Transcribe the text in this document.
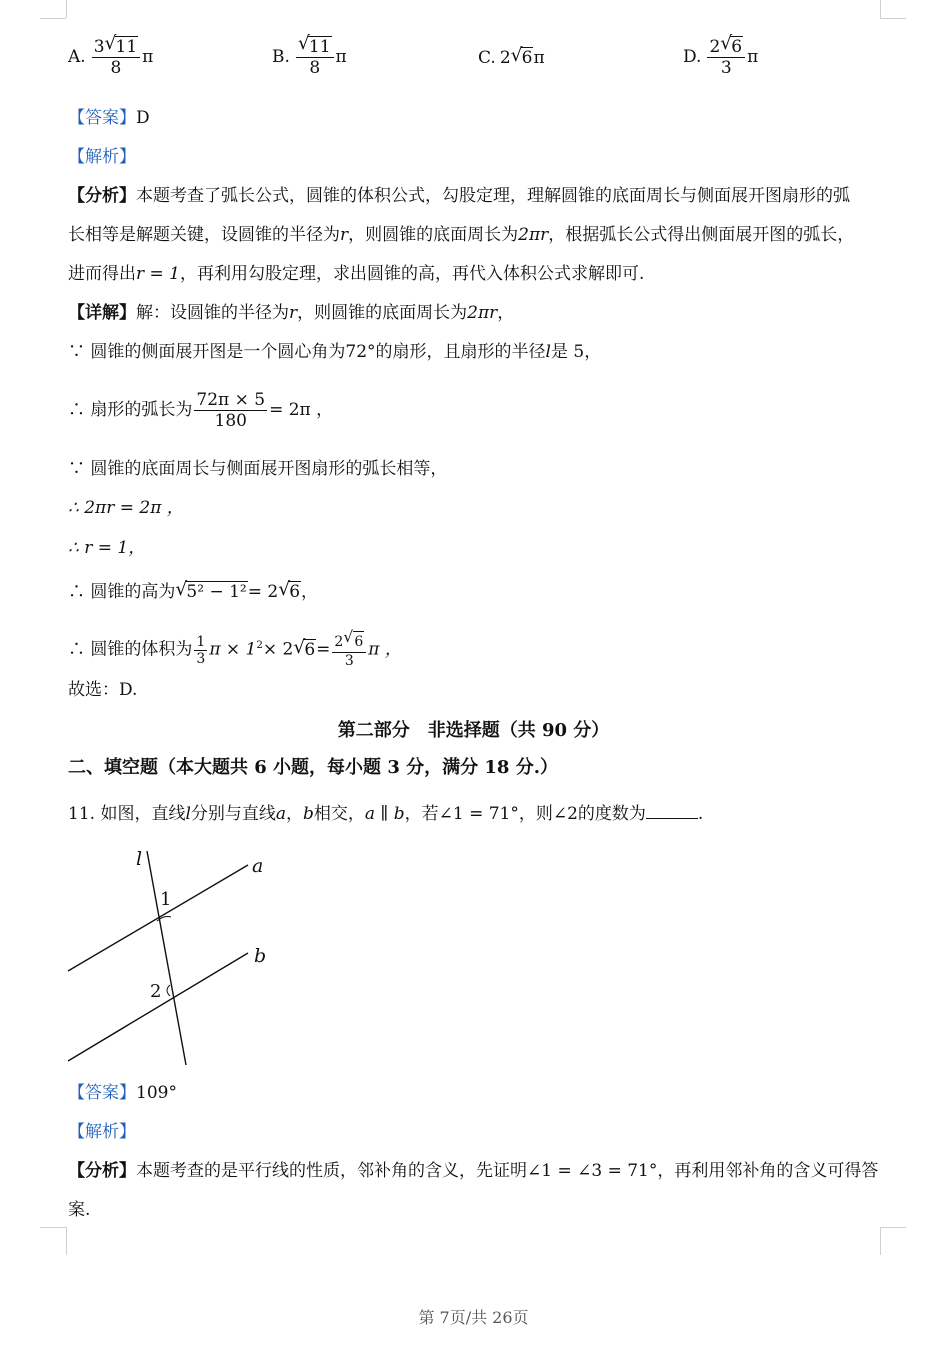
A. $\frac{3 √ 11}{8}$ π	B. $\frac{√ 11}{8}$ π	C. 2 √ 6 π	D. $\frac{2 √ 6}{3}$ π
【答案】D
【解析】
【分析】本题考查了弧长公式，圆锥的体积公式，勾股定理，理解圆锥的底面周长与侧面展开图扇形的弧
长相等是解题关键，设圆锥的半径为r，则圆锥的底面周长为2πr，根据弧长公式得出侧面展开图的弧长，
进而得出r = 1，再利用勾股定理，求出圆锥的高，再代入体积公式求解即可.
【详解】解：设圆锥的半径为r，则圆锥的底面周长为2πr，
∵ 圆锥的侧面展开图是一个圆心角为72°的扇形，且扇形的半径l是 5，
∴ 扇形的弧长为 $\frac{72\pi \times 5}{180} = 2\pi$ ，
∵ 圆锥的底面周长与侧面展开图扇形的弧长相等，
∴ 2πr = 2π ，
∴ r = 1，
∴ 圆锥的高为 √ 5² − 1²= 2 √ 6，
∴ 圆锥的体积为 $\frac{1}{3}$ $\pi \times 1^2\times 2$ √ $6= \frac{2 √ 6}{3}$ π ，
故选：D.
第二部分　非选择题（共 90 分）
二、填空题（本大题共 6 小题，每小题 3 分，满分 18 分.）
11. 如图，直线l分别与直线a，b相交，a ∥ b，若∠1 = 71°，则∠2的度数为	.
l	a
b
1
2
【答案】109°
【解析】
【分析】本题考查的是平行线的性质，邻补角的含义，先证明∠1 = ∠3 = 71°，再利用邻补角的含义可得答
案.
第 7页/共 26页
